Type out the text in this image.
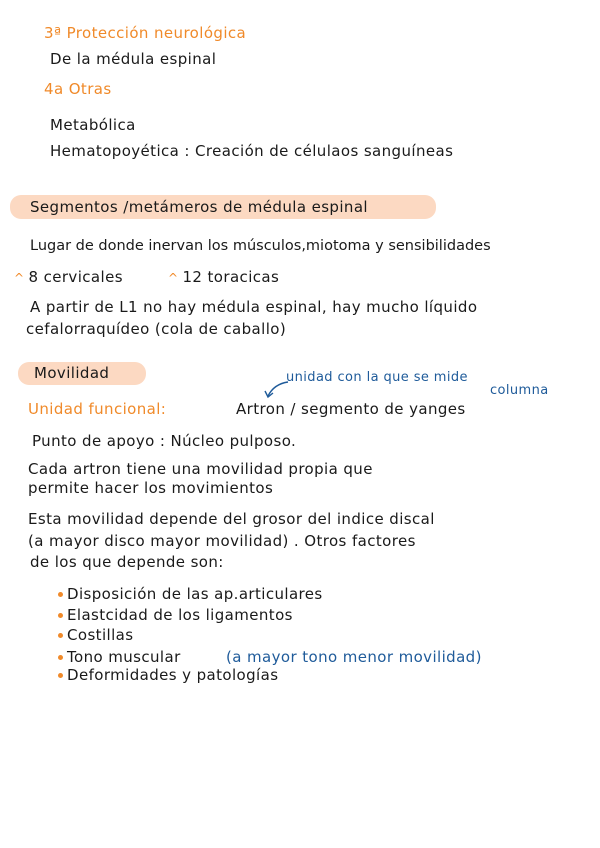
3ª Protección neurológica
De la médula espinal
4a Otras
Metabólica
Hematopoyética : Creación de célulaos sanguíneas
Segmentos /metámeros de médula espinal
Lugar de donde inervan los músculos,miotoma y sensibilidades
^ 8 cervicales	^ 12 toracicas
A partir de L1 no hay médula espinal, hay mucho líquido
cefalorraquídeo (cola de caballo)
Movilidad	unidad con la que se mide
columna
Unidad funcional:	Artron / segmento de yanges
Punto de apoyo : Núcleo pulposo.
Cada artron tiene una movilidad propia que
permite hacer los movimientos
Esta movilidad depende del grosor del indice discal
(a mayor disco mayor movilidad) . Otros factores
de los que depende son:
Disposición de las ap.articulares
Elastcidad de los ligamentos
Costillas
Tono muscular	(a mayor tono menor movilidad)
Deformidades y patologías
